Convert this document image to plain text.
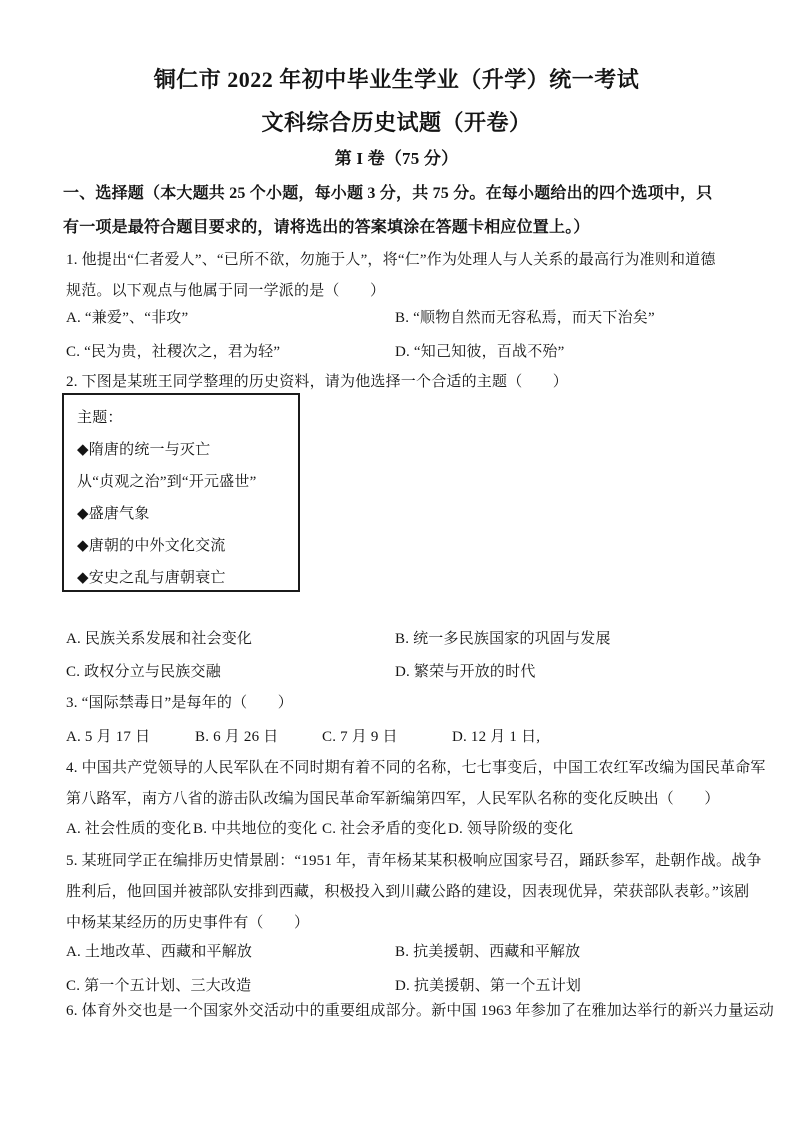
铜仁市 2022 年初中毕业生学业（升学）统一考试
文科综合历史试题（开卷）
第 I 卷（75 分）
一、选择题（本大题共 25 个小题，每小题 3 分，共 75 分。在每小题给出的四个选项中，只
有一项是最符合题目要求的，请将选出的答案填涂在答题卡相应位置上。）
1. 他提出“仁者爱人”、“已所不欲，勿施于人”，将“仁”作为处理人与人关系的最高行为准则和道德
规范。以下观点与他属于同一学派的是（　　）
A. “兼爱”、“非攻”	B. “顺物自然而无容私焉，而天下治矣”
C. “民为贵，社稷次之，君为轻”	D. “知己知彼，百战不殆”
2. 下图是某班王同学整理的历史资料，请为他选择一个合适的主题（　　）
主题：
◆隋唐的统一与灭亡
从“贞观之治”到“开元盛世”
◆盛唐气象
◆唐朝的中外文化交流
◆安史之乱与唐朝衰亡
A. 民族关系发展和社会变化	B. 统一多民族国家的巩固与发展
C. 政权分立与民族交融	D. 繁荣与开放的时代
3. “国际禁毒日”是每年的（　　）
A. 5 月 17 日	B. 6 月 26 日	C. 7 月 9 日	D. 12 月 1 日,
4. 中国共产党领导的人民军队在不同时期有着不同的名称，七七事变后，中国工农红军改编为国民革命军
第八路军，南方八省的游击队改编为国民革命军新编第四军，人民军队名称的变化反映出（　　）
A. 社会性质的变化 B. 中共地位的变化 C. 社会矛盾的变化 D. 领导阶级的变化
5. 某班同学正在编排历史情景剧：“1951 年，青年杨某某积极响应国家号召，踊跃参军，赴朝作战。战争
胜利后，他回国并被部队安排到西藏，积极投入到川藏公路的建设，因表现优异，荣获部队表彰。”该剧
中杨某某经历的历史事件有（　　）
A. 土地改革、西藏和平解放	B. 抗美援朝、西藏和平解放
C. 第一个五计划、三大改造	D. 抗美援朝、第一个五计划
6. 体育外交也是一个国家外交活动中的重要组成部分。新中国 1963 年参加了在雅加达举行的新兴力量运动
